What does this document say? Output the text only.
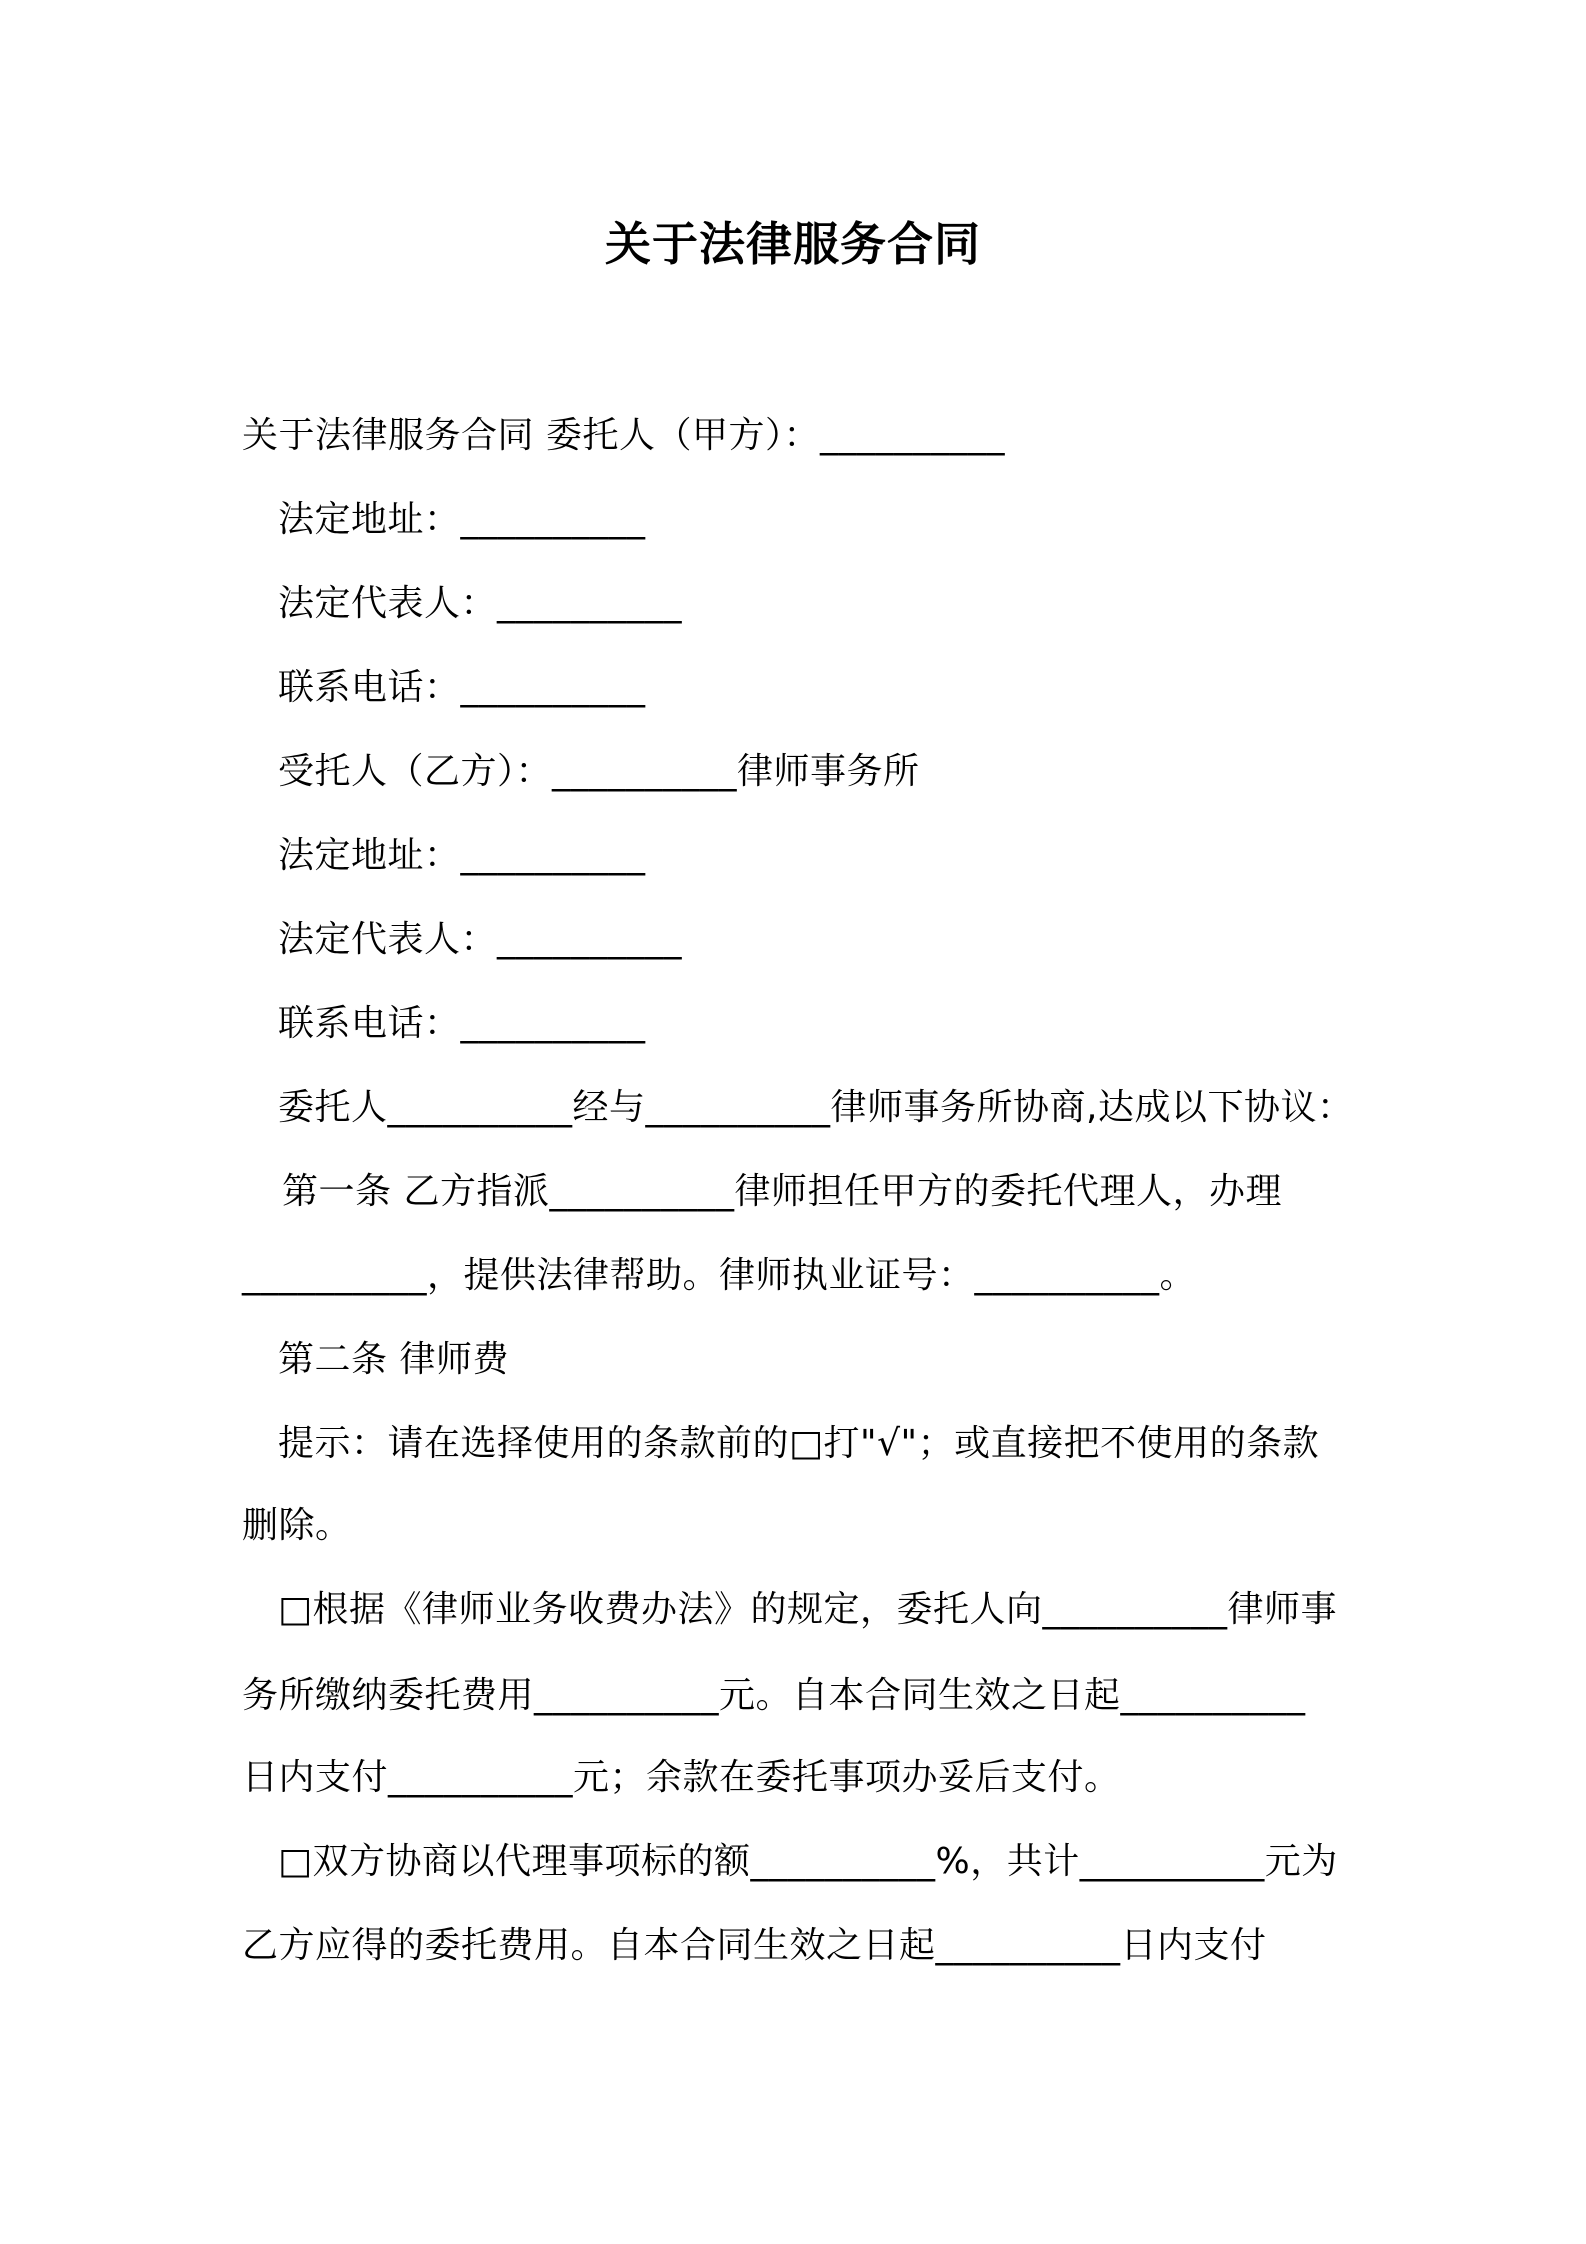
关于法律服务合同
关于法律服务合同 委托人（甲方）：__________
法定地址：__________
法定代表人：__________
联系电话：__________
受托人（乙方）：__________律师事务所
法定地址：__________
法定代表人：__________
联系电话：__________
委托人__________经与__________律师事务所协商,达成以下协议：
第一条 乙方指派__________律师担任甲方的委托代理人，办理
__________，提供法律帮助。律师执业证号：__________。
第二条 律师费
提示：请在选择使用的条款前的□打"√"；或直接把不使用的条款
删除。
□根据《律师业务收费办法》的规定，委托人向__________律师事
务所缴纳委托费用__________元。自本合同生效之日起__________
日内支付__________元；余款在委托事项办妥后支付。
□双方协商以代理事项标的额__________%，共计__________元为
乙方应得的委托费用。自本合同生效之日起__________日内支付
